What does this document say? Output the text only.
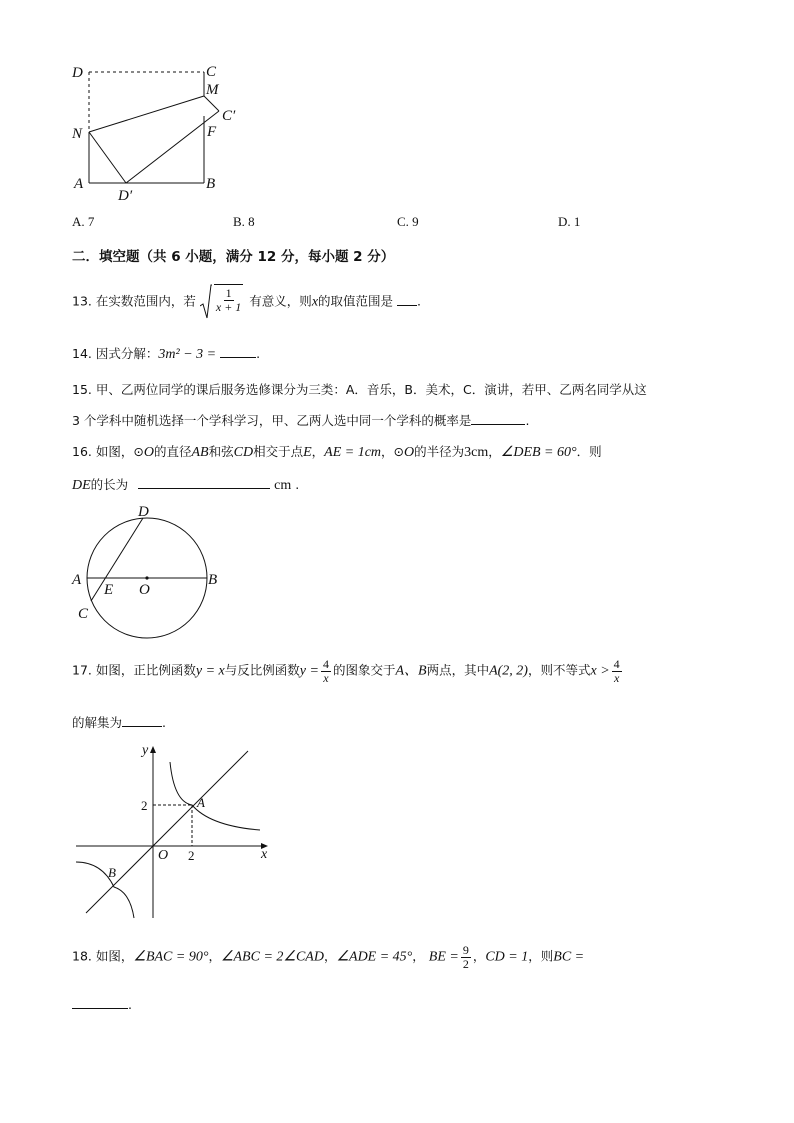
D	C
M
C′
N	F
A	B
D′
A. 7	B. 8	C. 9	D. 1
二．填空题（共 6 小题，满分 12 分，每小题 2 分）
13. 在实数范围内，若 $\frac{1}{x + 1}$ 有意义，则x的取值范围是 .
14. 因式分解：3m² − 3 =	.
15. 甲、乙两位同学的课后服务选修课分为三类：A．音乐，B．美术，C．演讲，若甲、乙两名同学从这
3 个学科中随机选择一个学科学习，甲、乙两人选中同一个学科的概率是	.
16. 如图，⊙O的直径AB和弦CD相交于点E，AE = 1cm，⊙O的半径为3cm，∠DEB = 60°．则
DE的长为	cm .
D
A
E O
B
C
17. 如图，正比例函数y = x与反比例函数$y = \frac{4}{x}$ 的图象交于A、B两点，其中A(2, 2)，则不等式$x > \frac{4}{x}$
的解集为	.
y
x
2
2
A
O
B
18. 如图，∠BAC = 90°，∠ABC = 2∠CAD，∠ADE = 45°， BE = $\frac{9}{2}$ ，CD = 1，则BC =
.
